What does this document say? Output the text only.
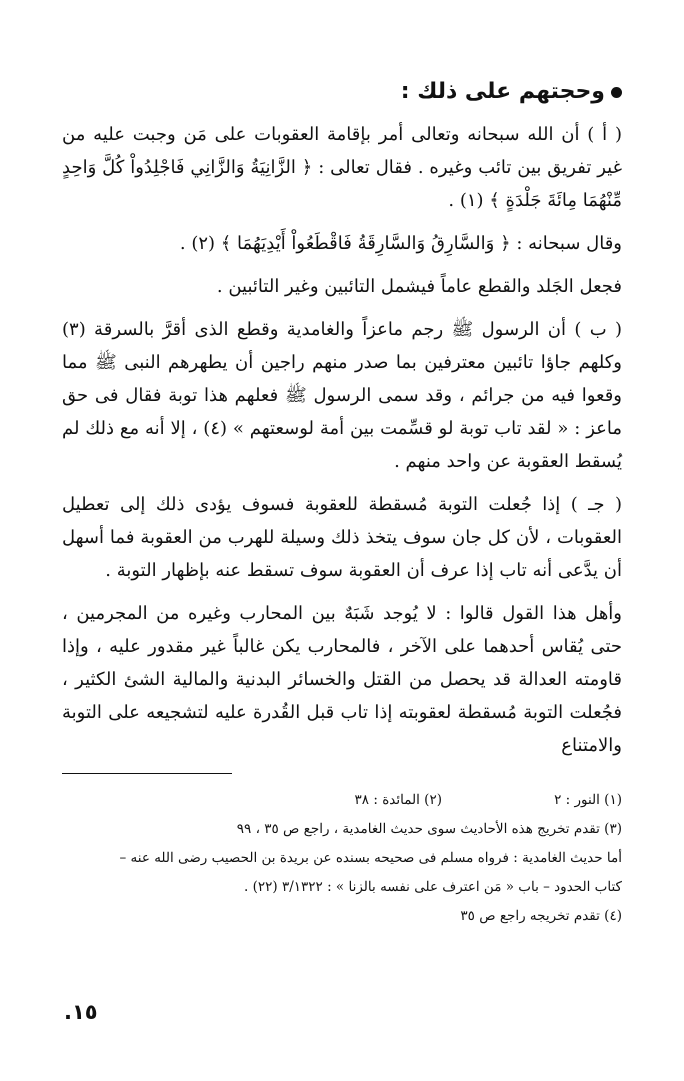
وحجتهم على ذلك :

( أ ) أن الله سبحانه وتعالى أمر بإقامة العقوبات على مَن وجبت عليه من غير تفريق بين تائب وغيره . فقال تعالى : ﴿ الزَّانِيَةُ وَالزَّانِي فَاجْلِدُواْ كُلَّ وَاحِدٍ مِّنْهُمَا مِائَةَ جَلْدَةٍ ﴾ (١) .

وقال سبحانه : ﴿ وَالسَّارِقُ وَالسَّارِقَةُ فَاقْطَعُواْ أَيْدِيَهُمَا ﴾ (٢) .

فجعل الجَلد والقطع عاماً فيشمل التائبين وغير التائبين .

( ب ) أن الرسول ﷺ رجم ماعزاً والغامدية وقطع الذى أقرَّ بالسرقة (٣) وكلهم جاؤا تائبين معترفين بما صدر منهم راجين أن يطهرهم النبى ﷺ مما وقعوا فيه من جرائم ، وقد سمى الرسول ﷺ فعلهم هذا توبة فقال فى حق ماعز : « لقد تاب توبة لو قسِّمت بين أمة لوسعتهم » (٤) ، إلا أنه مع ذلك لم يُسقط العقوبة عن واحد منهم .

( جـ ) إذا جُعلت التوبة مُسقطة للعقوبة فسوف يؤدى ذلك إلى تعطيل العقوبات ، لأن كل جان سوف يتخذ ذلك وسيلة للهرب من العقوبة فما أسهل أن يدَّعى أنه تاب إذا عرف أن العقوبة سوف تسقط عنه بإظهار التوبة .

وأهل هذا القول قالوا : لا يُوجد شَبَهٌ بين المحارب وغيره من المجرمين ، حتى يُقاس أحدهما على الآخر ، فالمحارب يكن غالباً غير مقدور عليه ، وإذا قاومته العدالة قد يحصل من القتل والخسائر البدنية والمالية الشئ الكثير ، فجُعلت التوبة مُسقطة لعقوبته إذا تاب قبل القُدرة عليه لتشجيعه على التوبة والامتناع

(١) النور : ٢

(٢) المائدة : ٣٨

(٣) تقدم تخريج هذه الأحاديث سوى حديث الغامدية ، راجع ص ٣٥ ، ٩٩

أما حديث الغامدية : فرواه مسلم فى صحيحه بسنده عن بريدة بن الحصيب رضى الله عنه –

كتاب الحدود – باب « مَن اعترف على نفسه بالزنا » : ٣/١٣٢٢ (٢٢) .

(٤) تقدم تخريجه راجع ص ٣٥

١٥.
